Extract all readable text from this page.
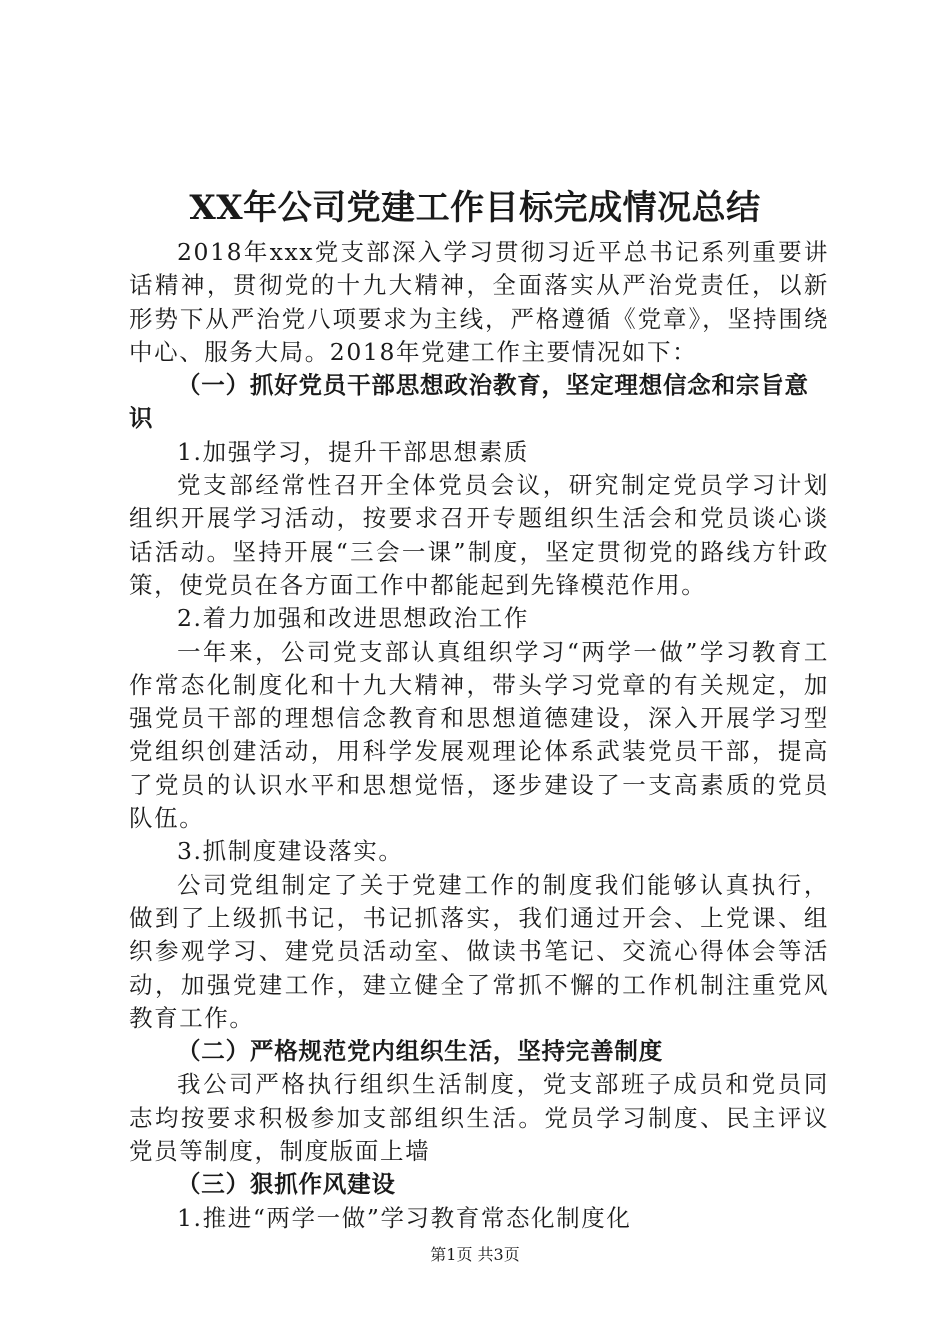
XX年公司党建工作目标完成情况总结

2018年xxx党支部深入学习贯彻习近平总书记系列重要讲话精神，贯彻党的十九大精神，全面落实从严治党责任，以新形势下从严治党八项要求为主线，严格遵循《党章》，坚持围绕中心、服务大局。2018年党建工作主要情况如下：

（一）抓好党员干部思想政治教育，坚定理想信念和宗旨意识

1.加强学习，提升干部思想素质

党支部经常性召开全体党员会议，研究制定党员学习计划组织开展学习活动，按要求召开专题组织生活会和党员谈心谈话活动。坚持开展“三会一课”制度，坚定贯彻党的路线方针政策，使党员在各方面工作中都能起到先锋模范作用。

2.着力加强和改进思想政治工作

一年来，公司党支部认真组织学习“两学一做”学习教育工作常态化制度化和十九大精神，带头学习党章的有关规定，加强党员干部的理想信念教育和思想道德建设，深入开展学习型党组织创建活动，用科学发展观理论体系武装党员干部，提高了党员的认识水平和思想觉悟，逐步建设了一支高素质的党员队伍。

3.抓制度建设落实。

公司党组制定了关于党建工作的制度我们能够认真执行，做到了上级抓书记，书记抓落实，我们通过开会、上党课、组织参观学习、建党员活动室、做读书笔记、交流心得体会等活动，加强党建工作，建立健全了常抓不懈的工作机制注重党风教育工作。

（二）严格规范党内组织生活，坚持完善制度

我公司严格执行组织生活制度，党支部班子成员和党员同志均按要求积极参加支部组织生活。党员学习制度、民主评议党员等制度，制度版面上墙

（三）狠抓作风建设

1.推进“两学一做”学习教育常态化制度化

第1页 共3页
